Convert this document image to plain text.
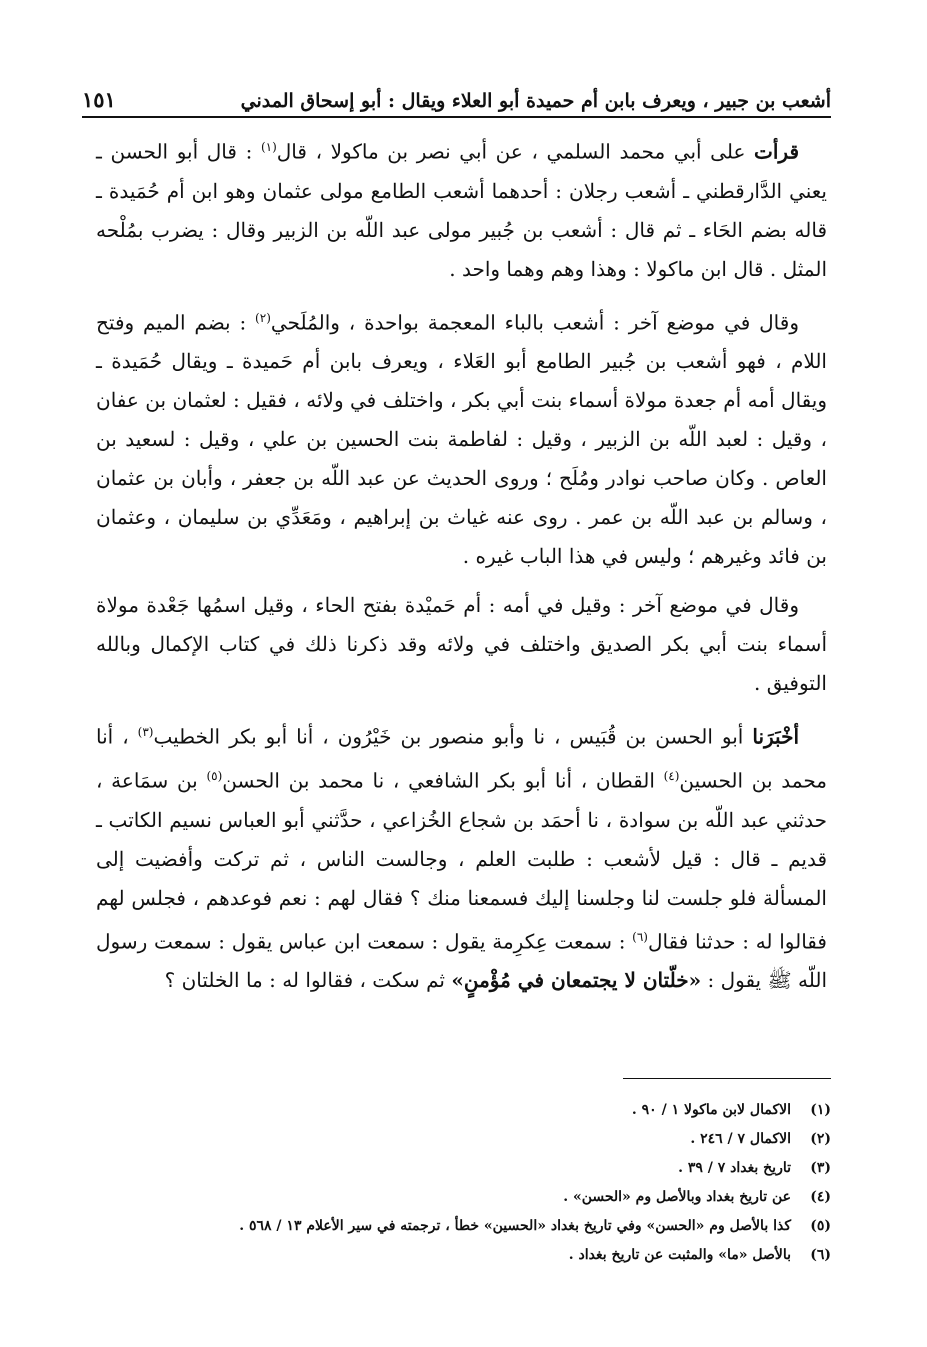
أشعب بن جبير ، ويعرف بابن أم حميدة أبو العلاء ويقال : أبو إسحاق المدني
١٥١

قرأت على أبي محمد السلمي ، عن أبي نصر بن ماكولا ، قال$^{(١)}$ : قال أبو الحسن ـ يعني الدَّارقطني ـ أشعب رجلان : أحدهما أشعب الطامع مولى عثمان وهو ابن أم حُمَيدة ـ قاله بضم الحَاء ـ ثم قال : أشعب بن جُبير مولى عبد اللّه بن الزبير وقال : يضرب بمُلْحه المثل . قال ابن ماكولا : وهذا وهم وهما واحد .

وقال في موضع آخر : أشعب بالباء المعجمة بواحدة ، والمُلَحي$^{(٢)}$ : بضم الميم وفتح اللام ، فهو أشعب بن جُبير الطامع أبو العَلاء ، ويعرف بابن أم حَميدة ـ ويقال حُمَيدة ـ ويقال أمه أم جعدة مولاة أسماء بنت أبي بكر ، واختلف في ولائه ، فقيل : لعثمان بن عفان ، وقيل : لعبد اللّه بن الزبير ، وقيل : لفاطمة بنت الحسين بن علي ، وقيل : لسعيد بن العاص . وكان صاحب نوادر ومُلَح ؛ وروى الحديث عن عبد اللّه بن جعفر ، وأبان بن عثمان ، وسالم بن عبد اللّه بن عمر . روى عنه غياث بن إبراهيم ، ومَعَدِّي بن سليمان ، وعثمان بن فائد وغيرهم ؛ وليس في هذا الباب غيره .

وقال في موضع آخر : وقيل في أمه : أم حَميْدة بفتح الحاء ، وقيل اسمُها جَعْدة مولاة أسماء بنت أبي بكر الصديق واختلف في ولائه وقد ذكرنا ذلك في كتاب الإكمال وبالله التوفيق .

أخْبَرَنا أبو الحسن بن قُبَيس ، نا وأبو منصور بن خَيْرُون ، أنا أبو بكر الخطيب$^{(٣)}$ ، أنا محمد بن الحسين$^{(٤)}$ القطان ، أنا أبو بكر الشافعي ، نا محمد بن الحسن$^{(٥)}$ بن سمَاعة ، حدثني عبد اللّه بن سوادة ، نا أحمَد بن شجاع الخُزاعي ، حدَّثني أبو العباس نسيم الكاتب ـ قديم ـ قال : قيل لأشعب : طلبت العلم ، وجالست الناس ، ثم تركت وأفضيت إلى المسألة فلو جلست لنا وجلسنا إليك فسمعنا منك ؟ فقال لهم : نعم فوعدهم ، فجلس لهم فقالوا له : حدثنا فقال$^{(٦)}$ : سمعت عِكرِمة يقول : سمعت ابن عباس يقول : سمعت رسول اللّه ﷺ يقول : «خلّتان لا يجتمعان في مُؤْمنٍ» ثم سكت ، فقالوا له : ما الخلتان ؟

(١)
الاكمال لابن ماكولا ١ / ٩٠ .
(٢)
الاكمال ٧ / ٢٤٦ .
(٣)
تاريخ بغداد ٧ / ٣٩ .
(٤)
عن تاريخ بغداد وبالأصل وم «الحسن» .
(٥)
كذا بالأصل وم «الحسن» وفي تاريخ بغداد «الحسين» خطأ ، ترجمته في سير الأعلام ١٣ / ٥٦٨ .
(٦)
بالأصل «ما» والمثبت عن تاريخ بغداد .
